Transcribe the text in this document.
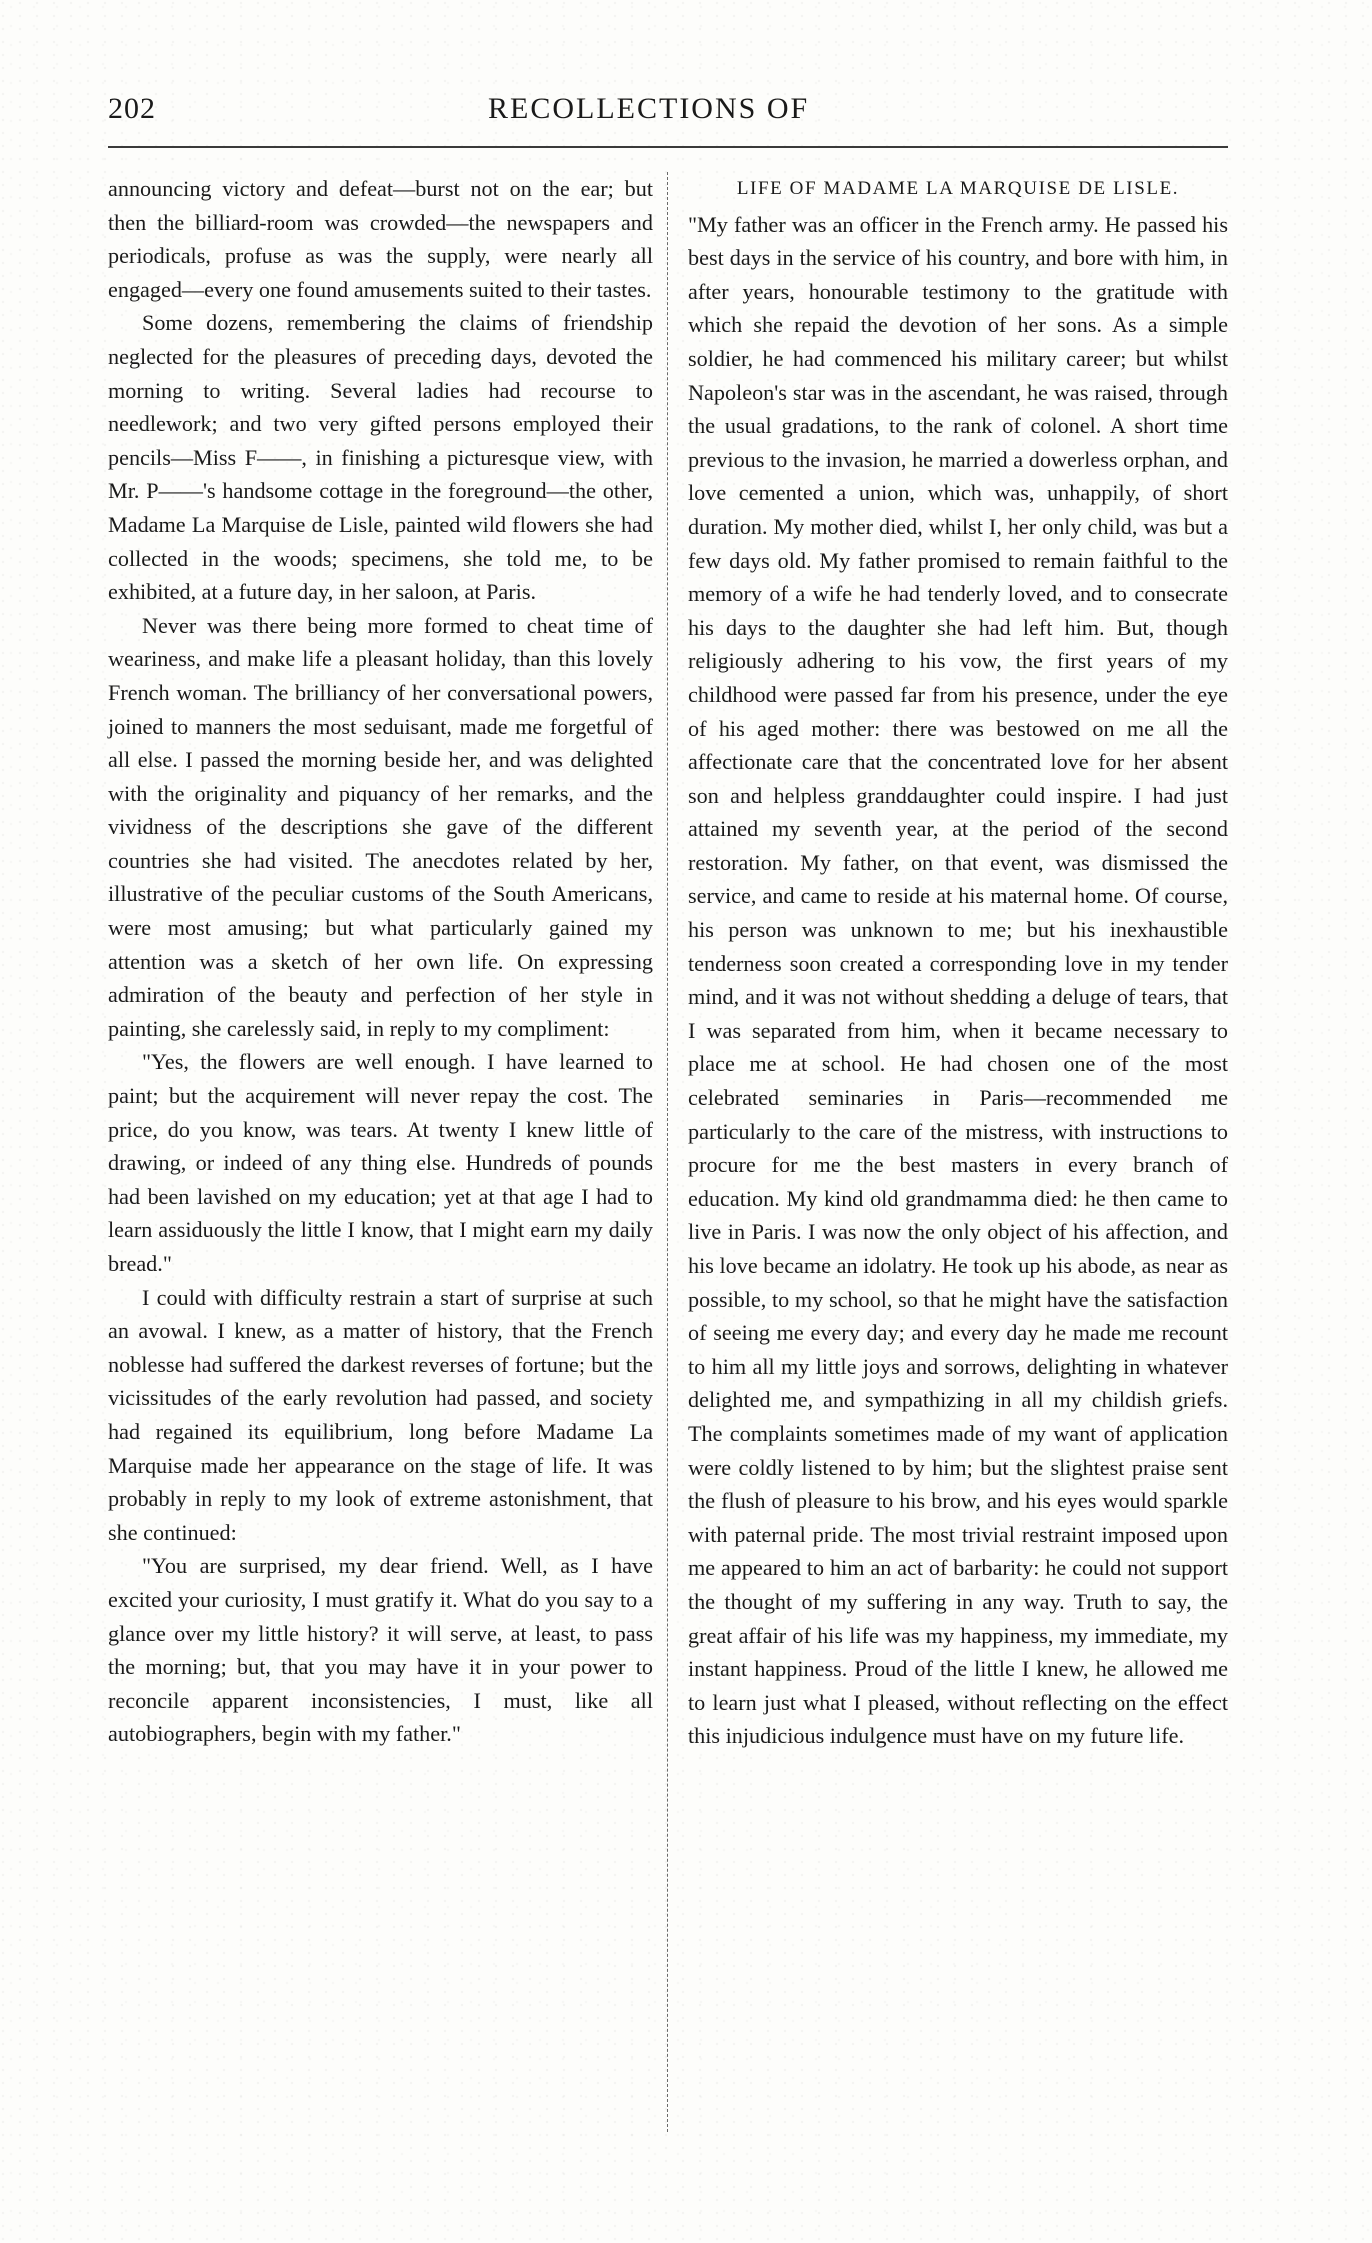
202	RECOLLECTIONS OF

announcing victory and defeat—burst not on the ear; but then the billiard-room was crowded—the newspapers and periodicals, profuse as was the supply, were nearly all engaged—every one found amusements suited to their tastes.

Some dozens, remembering the claims of friendship neglected for the pleasures of preceding days, devoted the morning to writing. Several ladies had recourse to needlework; and two very gifted persons employed their pencils—Miss F——, in finishing a picturesque view, with Mr. P——'s handsome cottage in the foreground—the other, Madame La Marquise de Lisle, painted wild flowers she had collected in the woods; specimens, she told me, to be exhibited, at a future day, in her saloon, at Paris.

Never was there being more formed to cheat time of weariness, and make life a pleasant holiday, than this lovely French woman. The brilliancy of her conversational powers, joined to manners the most seduisant, made me forgetful of all else. I passed the morning beside her, and was delighted with the originality and piquancy of her remarks, and the vividness of the descriptions she gave of the different countries she had visited. The anecdotes related by her, illustrative of the peculiar customs of the South Americans, were most amusing; but what particularly gained my attention was a sketch of her own life. On expressing admiration of the beauty and perfection of her style in painting, she carelessly said, in reply to my compliment:

"Yes, the flowers are well enough. I have learned to paint; but the acquirement will never repay the cost. The price, do you know, was tears. At twenty I knew little of drawing, or indeed of any thing else. Hundreds of pounds had been lavished on my education; yet at that age I had to learn assiduously the little I know, that I might earn my daily bread."

I could with difficulty restrain a start of surprise at such an avowal. I knew, as a matter of history, that the French noblesse had suffered the darkest reverses of fortune; but the vicissitudes of the early revolution had passed, and society had regained its equilibrium, long before Madame La Marquise made her appearance on the stage of life. It was probably in reply to my look of extreme astonishment, that she continued:

"You are surprised, my dear friend. Well, as I have excited your curiosity, I must gratify it. What do you say to a glance over my little history? it will serve, at least, to pass the morning; but, that you may have it in your power to reconcile apparent inconsistencies, I must, like all autobiographers, begin with my father."

LIFE OF MADAME LA MARQUISE DE LISLE.

"My father was an officer in the French army. He passed his best days in the service of his country, and bore with him, in after years, honourable testimony to the gratitude with which she repaid the devotion of her sons. As a simple soldier, he had commenced his military career; but whilst Napoleon's star was in the ascendant, he was raised, through the usual gradations, to the rank of colonel. A short time previous to the invasion, he married a dowerless orphan, and love cemented a union, which was, unhappily, of short duration. My mother died, whilst I, her only child, was but a few days old. My father promised to remain faithful to the memory of a wife he had tenderly loved, and to consecrate his days to the daughter she had left him. But, though religiously adhering to his vow, the first years of my childhood were passed far from his presence, under the eye of his aged mother: there was bestowed on me all the affectionate care that the concentrated love for her absent son and helpless granddaughter could inspire. I had just attained my seventh year, at the period of the second restoration. My father, on that event, was dismissed the service, and came to reside at his maternal home. Of course, his person was unknown to me; but his inexhaustible tenderness soon created a corresponding love in my tender mind, and it was not without shedding a deluge of tears, that I was separated from him, when it became necessary to place me at school. He had chosen one of the most celebrated seminaries in Paris—recommended me particularly to the care of the mistress, with instructions to procure for me the best masters in every branch of education. My kind old grandmamma died: he then came to live in Paris. I was now the only object of his affection, and his love became an idolatry. He took up his abode, as near as possible, to my school, so that he might have the satisfaction of seeing me every day; and every day he made me recount to him all my little joys and sorrows, delighting in whatever delighted me, and sympathizing in all my childish griefs. The complaints sometimes made of my want of application were coldly listened to by him; but the slightest praise sent the flush of pleasure to his brow, and his eyes would sparkle with paternal pride. The most trivial restraint imposed upon me appeared to him an act of barbarity: he could not support the thought of my suffering in any way. Truth to say, the great affair of his life was my happiness, my immediate, my instant happiness. Proud of the little I knew, he allowed me to learn just what I pleased, without reflecting on the effect this injudicious indulgence must have on my future life.
